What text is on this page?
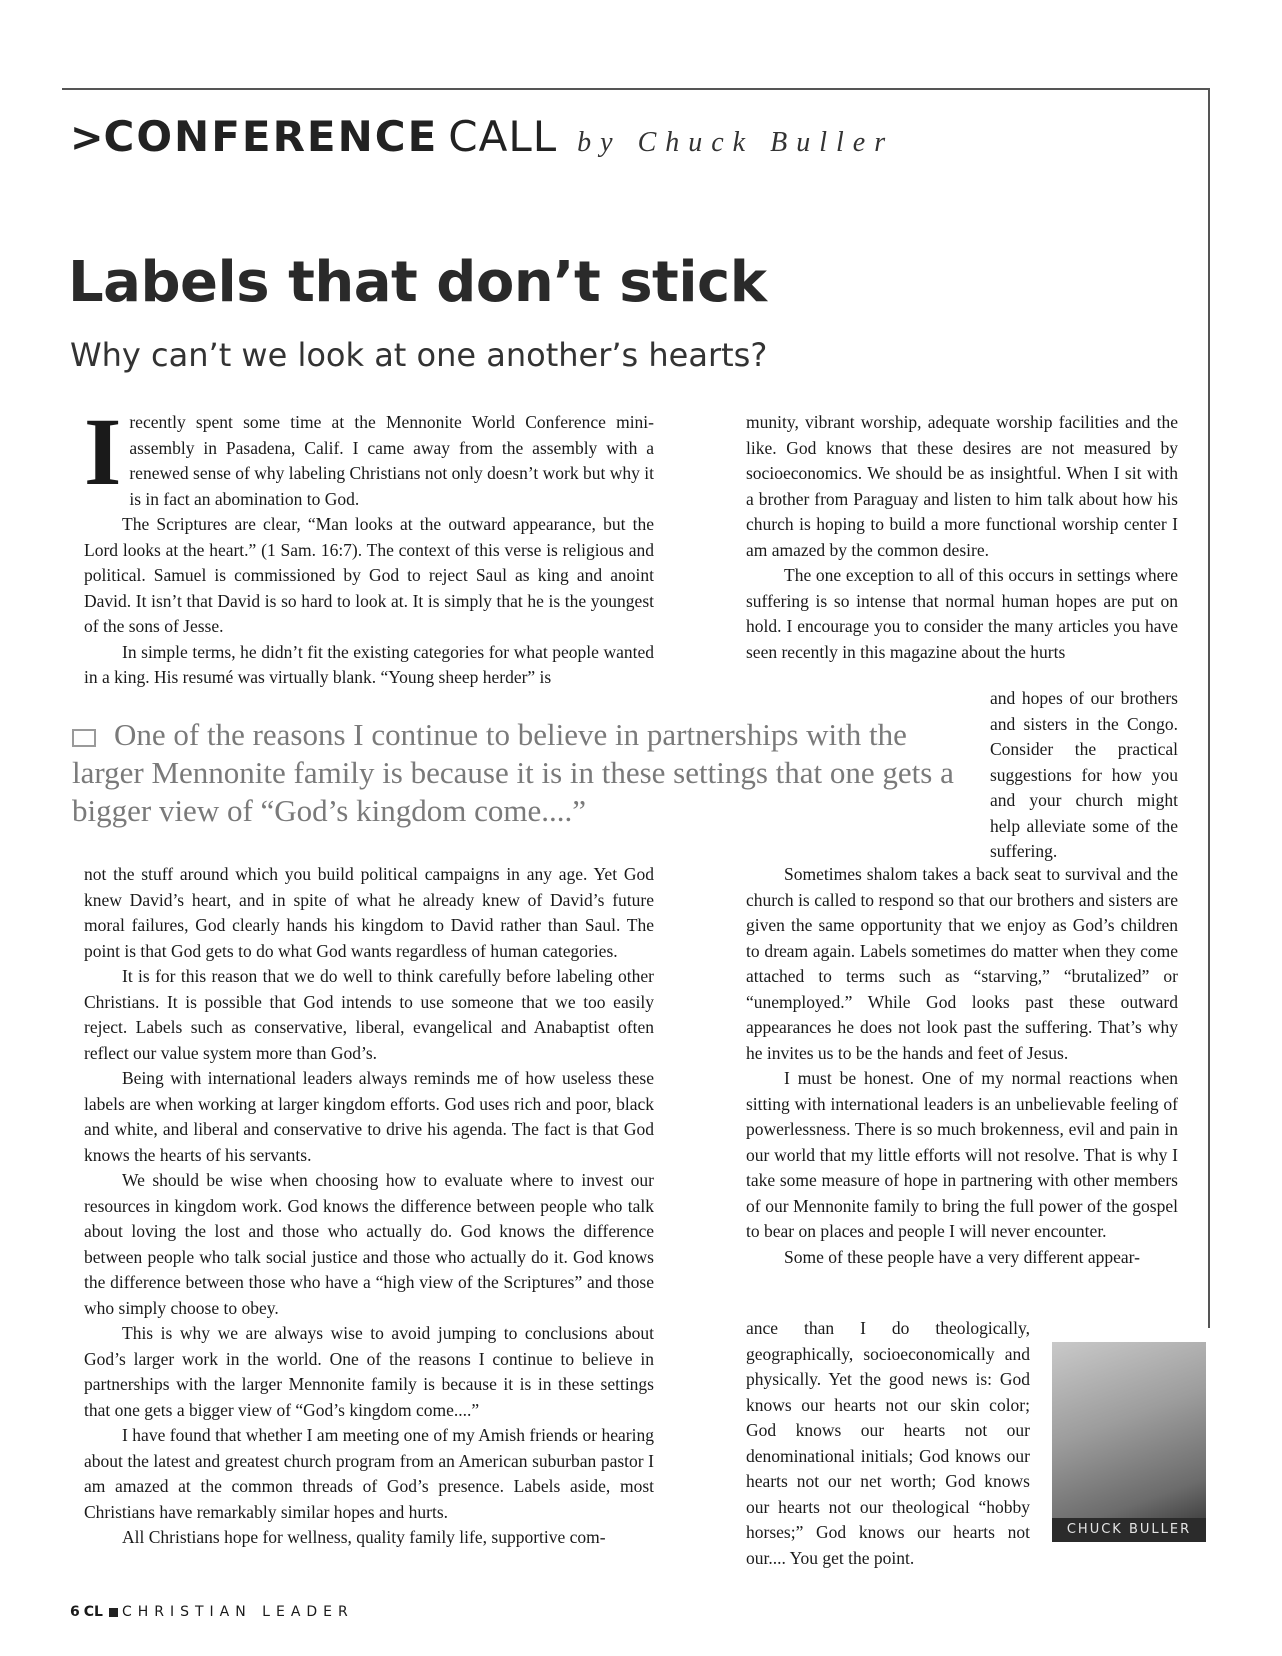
> CONFERENCE CALL by Chuck Buller
Labels that don’t stick
Why can’t we look at one another’s hearts?

Irecently spent some time at the Mennonite World Conference mini-assembly in Pasadena, Calif. I came away from the assembly with a renewed sense of why labeling Christians not only doesn’t work but why it is in fact an abomination to God.

The Scriptures are clear, “Man looks at the outward appearance, but the Lord looks at the heart.” (1 Sam. 16:7). The context of this verse is religious and political. Samuel is commissioned by God to reject Saul as king and anoint David. It isn’t that David is so hard to look at. It is simply that he is the youngest of the sons of Jesse.

In simple terms, he didn’t fit the existing categories for what people wanted in a king. His resumé was virtually blank. “Young sheep herder” is

munity, vibrant worship, adequate worship facilities and the like. God knows that these desires are not measured by socioeconomics. We should be as insightful. When I sit with a brother from Paraguay and listen to him talk about how his church is hoping to build a more functional worship center I am amazed by the common desire.

The one exception to all of this occurs in settings where suffering is so intense that normal human hopes are put on hold. I encourage you to consider the many articles you have seen recently in this magazine about the hurts

and hopes of our brothers and sisters in the Congo. Consider the practical suggestions for how you and your church might help alleviate some of the suffering.

One of the reasons I continue to believe in partnerships with the larger Mennonite family is because it is in these settings that one gets a bigger view of “God’s kingdom come....”

not the stuff around which you build political campaigns in any age. Yet God knew David’s heart, and in spite of what he already knew of David’s future moral failures, God clearly hands his kingdom to David rather than Saul. The point is that God gets to do what God wants regardless of human categories.

It is for this reason that we do well to think carefully before labeling other Christians. It is possible that God intends to use someone that we too easily reject. Labels such as conservative, liberal, evangelical and Anabaptist often reflect our value system more than God’s.

Being with international leaders always reminds me of how useless these labels are when working at larger kingdom efforts. God uses rich and poor, black and white, and liberal and conservative to drive his agenda. The fact is that God knows the hearts of his servants.

We should be wise when choosing how to evaluate where to invest our resources in kingdom work. God knows the difference between people who talk about loving the lost and those who actually do. God knows the difference between people who talk social justice and those who actually do it. God knows the difference between those who have a “high view of the Scriptures” and those who simply choose to obey.

This is why we are always wise to avoid jumping to conclusions about God’s larger work in the world. One of the reasons I continue to believe in partnerships with the larger Mennonite family is because it is in these settings that one gets a bigger view of “God’s kingdom come....”

I have found that whether I am meeting one of my Amish friends or hearing about the latest and greatest church program from an American suburban pastor I am amazed at the common threads of God’s presence. Labels aside, most Christians have remarkably similar hopes and hurts.

All Christians hope for wellness, quality family life, supportive com-

Sometimes shalom takes a back seat to survival and the church is called to respond so that our brothers and sisters are given the same opportunity that we enjoy as God’s children to dream again. Labels sometimes do matter when they come attached to terms such as “starving,” “brutalized” or “unemployed.” While God looks past these outward appearances he does not look past the suffering. That’s why he invites us to be the hands and feet of Jesus.

I must be honest. One of my normal reactions when sitting with international leaders is an unbelievable feeling of powerlessness. There is so much brokenness, evil and pain in our world that my little efforts will not resolve. That is why I take some measure of hope in partnering with other members of our Mennonite family to bring the full power of the gospel to bear on places and people I will never encounter.

Some of these people have a very different appear-

ance than I do theologically, geographically, socioeconomically and physically. Yet the good news is: God knows our hearts not our skin color; God knows our hearts not our denominational initials; God knows our hearts not our net worth; God knows our hearts not our theological “hobby horses;” God knows our hearts not our.... You get the point.

CHUCK BULLER
6 CL CHRISTIAN LEADER
